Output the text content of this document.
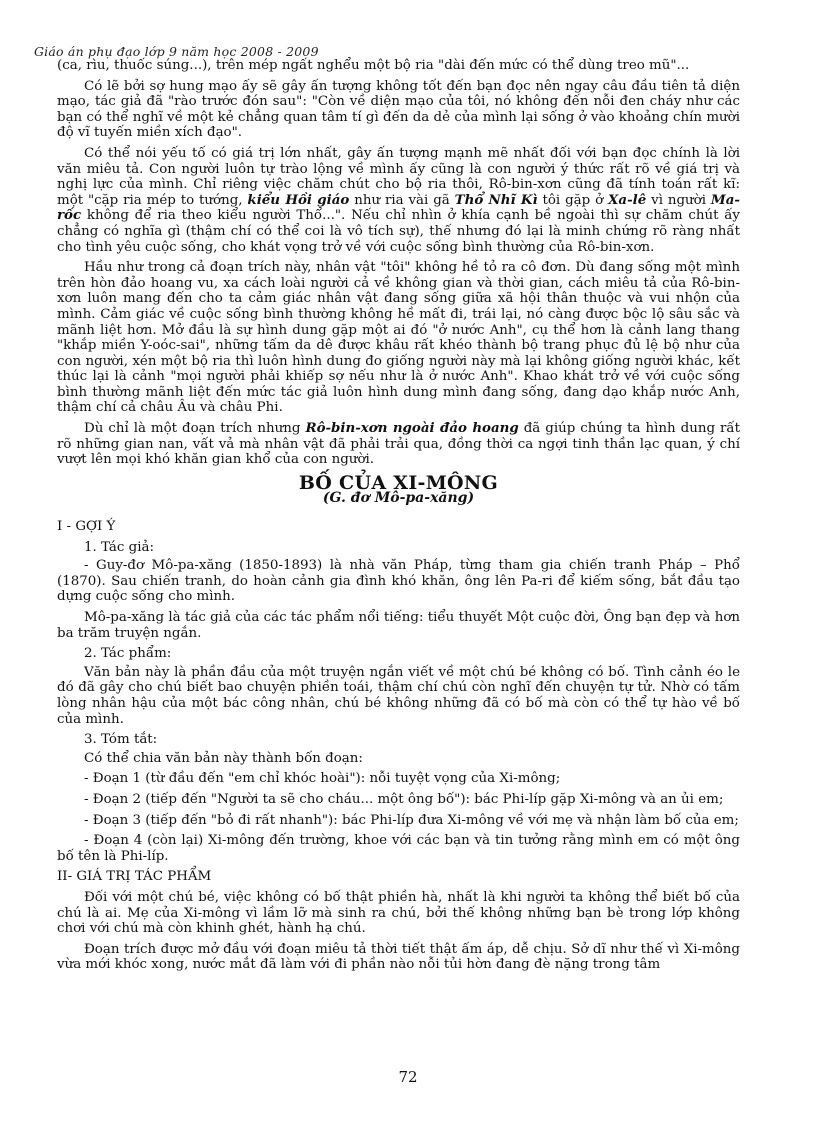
Giáo án phụ đạo lớp 9 năm học 2008 - 2009

(ca, rìu, thuốc súng...), trên mép ngất nghểu một bộ ria "dài đến mức có thể dùng treo mũ"...

Có lẽ bởi sợ hung mạo ấy sẽ gây ấn tượng không tốt đến bạn đọc nên ngay câu đầu tiên tả diện mạo, tác giả đã "rào trước đón sau": "Còn về diện mạo của tôi, nó không đến nỗi đen cháy như các bạn có thể nghĩ về một kẻ chẳng quan tâm tí gì đến da dẻ của mình lại sống ở vào khoảng chín mười độ vĩ tuyến miền xích đạo".

Có thể nói yếu tố có giá trị lớn nhất, gây ấn tượng mạnh mẽ nhất đối với bạn đọc chính là lời văn miêu tả. Con người luôn tự trào lộng về mình ấy cũng là con người ý thức rất rõ về giá trị và nghị lực của mình. Chỉ riêng việc chăm chút cho bộ ria thôi, Rô-bin-xơn cũng đã tính toán rất kĩ: một "cặp ria mép to tướng, kiểu Hồi giáo như ria vài gã Thổ Nhĩ Kì tôi gặp ở Xa-lê vì người Ma-rốc không để ria theo kiểu người Thổ...". Nếu chỉ nhìn ở khía cạnh bề ngoài thì sự chăm chút ấy chẳng có nghĩa gì (thậm chí có thể coi là vô tích sự), thế nhưng đó lại là minh chứng rõ ràng nhất cho tình yêu cuộc sống, cho khát vọng trở về với cuộc sống bình thường của Rô-bin-xơn.

Hầu như trong cả đoạn trích này, nhân vật "tôi" không hề tỏ ra cô đơn. Dù đang sống một mình trên hòn đảo hoang vu, xa cách loài người cả về không gian và thời gian, cách miêu tả của Rô-bin-xơn luôn mang đến cho ta cảm giác nhân vật đang sống giữa xã hội thân thuộc và vui nhộn của mình. Cảm giác về cuộc sống bình thường không hề mất đi, trái lại, nó càng được bộc lộ sâu sắc và mãnh liệt hơn. Mở đầu là sự hình dung gặp một ai đó "ở nước Anh", cụ thể hơn là cảnh lang thang "khắp miền Y-oóc-sai", những tấm da dê được khâu rất khéo thành bộ trang phục đủ lệ bộ như của con người, xén một bộ ria thì luôn hình dung đo giống người này mà lại không giống người khác, kết thúc lại là cảnh "mọi người phải khiếp sợ nếu như là ở nước Anh". Khao khát trở về với cuộc sống bình thường mãnh liệt đến mức tác giả luôn hình dung mình đang sống, đang dạo khắp nước Anh, thậm chí cả châu Âu và châu Phi.

Dù chỉ là một đoạn trích nhưng Rô-bin-xơn ngoài đảo hoang đã giúp chúng ta hình dung rất rõ những gian nan, vất vả mà nhân vật đã phải trải qua, đồng thời ca ngợi tinh thần lạc quan, ý chí vượt lên mọi khó khăn gian khổ của con người.

BỐ CỦA XI-MÔNG
(G. đơ Mô-pa-xăng)

I - GỢI Ý

1. Tác giả:

- Guy-đơ Mô-pa-xăng (1850-1893) là nhà văn Pháp, từng tham gia chiến tranh Pháp – Phổ (1870). Sau chiến tranh, do hoàn cảnh gia đình khó khăn, ông lên Pa-ri để kiếm sống, bắt đầu tạo dựng cuộc sống cho mình.

Mô-pa-xăng là tác giả của các tác phẩm nổi tiếng: tiểu thuyết Một cuộc đời, Ông bạn đẹp và hơn ba trăm truyện ngắn.

2. Tác phẩm:

Văn bản này là phần đầu của một truyện ngắn viết về một chú bé không có bố. Tình cảnh éo le đó đã gây cho chú biết bao chuyện phiền toái, thậm chí chú còn nghĩ đến chuyện tự tử. Nhờ có tấm lòng nhân hậu của một bác công nhân, chú bé không những đã có bố mà còn có thể tự hào về bố của mình.

3. Tóm tắt:

Có thể chia văn bản này thành bốn đoạn:

- Đoạn 1 (từ đầu đến "em chỉ khóc hoài"): nỗi tuyệt vọng của Xi-mông;

- Đoạn 2 (tiếp đến "Người ta sẽ cho cháu... một ông bố"): bác Phi-líp gặp Xi-mông và an ủi em;

- Đoạn 3 (tiếp đến "bỏ đi rất nhanh"): bác Phi-líp đưa Xi-mông về với mẹ và nhận làm bố của em;

- Đoạn 4 (còn lại) Xi-mông đến trường, khoe với các bạn và tin tưởng rằng mình em có một ông bố tên là Phi-líp.

II- GIÁ TRỊ TÁC PHẨM

Đối với một chú bé, việc không có bố thật phiền hà, nhất là khi người ta không thể biết bố của chú là ai. Mẹ của Xi-mông vì lầm lỡ mà sinh ra chú, bởi thế không những bạn bè trong lớp không chơi với chú mà còn khinh ghét, hành hạ chú.

Đoạn trích được mở đầu với đoạn miêu tả thời tiết thật ấm áp, dễ chịu. Sở dĩ như thế vì Xi-mông vừa mới khóc xong, nước mắt đã làm với đi phần nào nỗi tủi hờn đang đè nặng trong tâm

72
